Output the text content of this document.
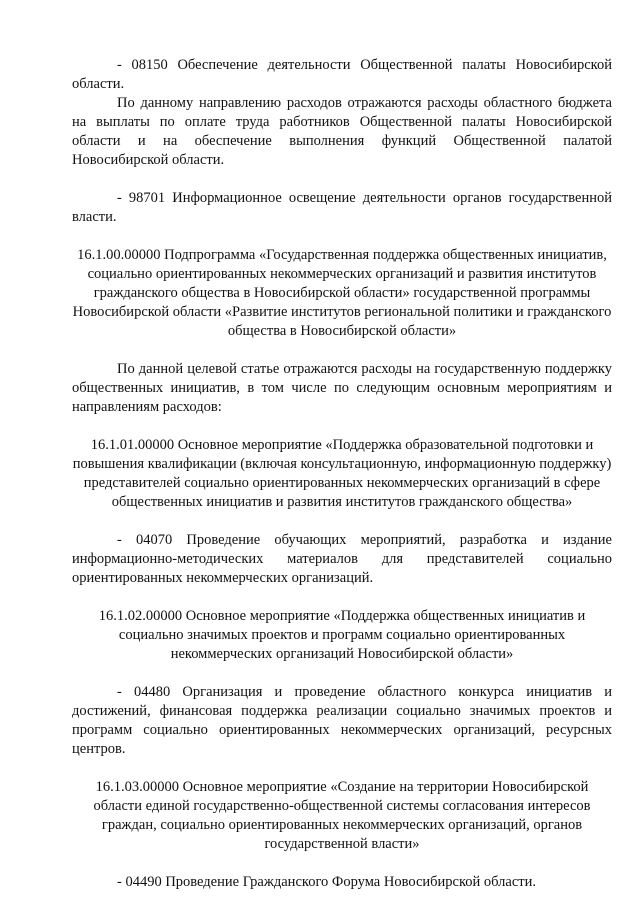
- 08150 Обеспечение деятельности Общественной палаты Новосибирской области.

По данному направлению расходов отражаются расходы областного бюджета на выплаты по оплате труда работников Общественной палаты Новосибирской области и на обеспечение выполнения функций Общественной палатой Новосибирской области.

- 98701 Информационное освещение деятельности органов государственной власти.

16.1.00.00000 Подпрограмма «Государственная поддержка общественных инициатив, социально ориентированных некоммерческих организаций и развития институтов гражданского общества в Новосибирской области» государственной программы Новосибирской области «Развитие институтов региональной политики и гражданского общества в Новосибирской области»

По данной целевой статье отражаются расходы на государственную поддержку общественных инициатив, в том числе по следующим основным мероприятиям и направлениям расходов:

16.1.01.00000 Основное мероприятие «Поддержка образовательной подготовки и повышения квалификации (включая консультационную, информационную поддержку) представителей социально ориентированных некоммерческих организаций в сфере общественных инициатив и развития институтов гражданского общества»

- 04070 Проведение обучающих мероприятий, разработка и издание информационно-методических материалов для представителей социально ориентированных некоммерческих организаций.

16.1.02.00000 Основное мероприятие «Поддержка общественных инициатив и социально значимых проектов и программ социально ориентированных некоммерческих организаций Новосибирской области»

- 04480 Организация и проведение областного конкурса инициатив и достижений, финансовая поддержка реализации социально значимых проектов и программ социально ориентированных некоммерческих организаций, ресурсных центров.

16.1.03.00000 Основное мероприятие «Создание на территории Новосибирской области единой государственно-общественной системы согласования интересов граждан, социально ориентированных некоммерческих организаций, органов государственной власти»

- 04490 Проведение Гражданского Форума Новосибирской области.
